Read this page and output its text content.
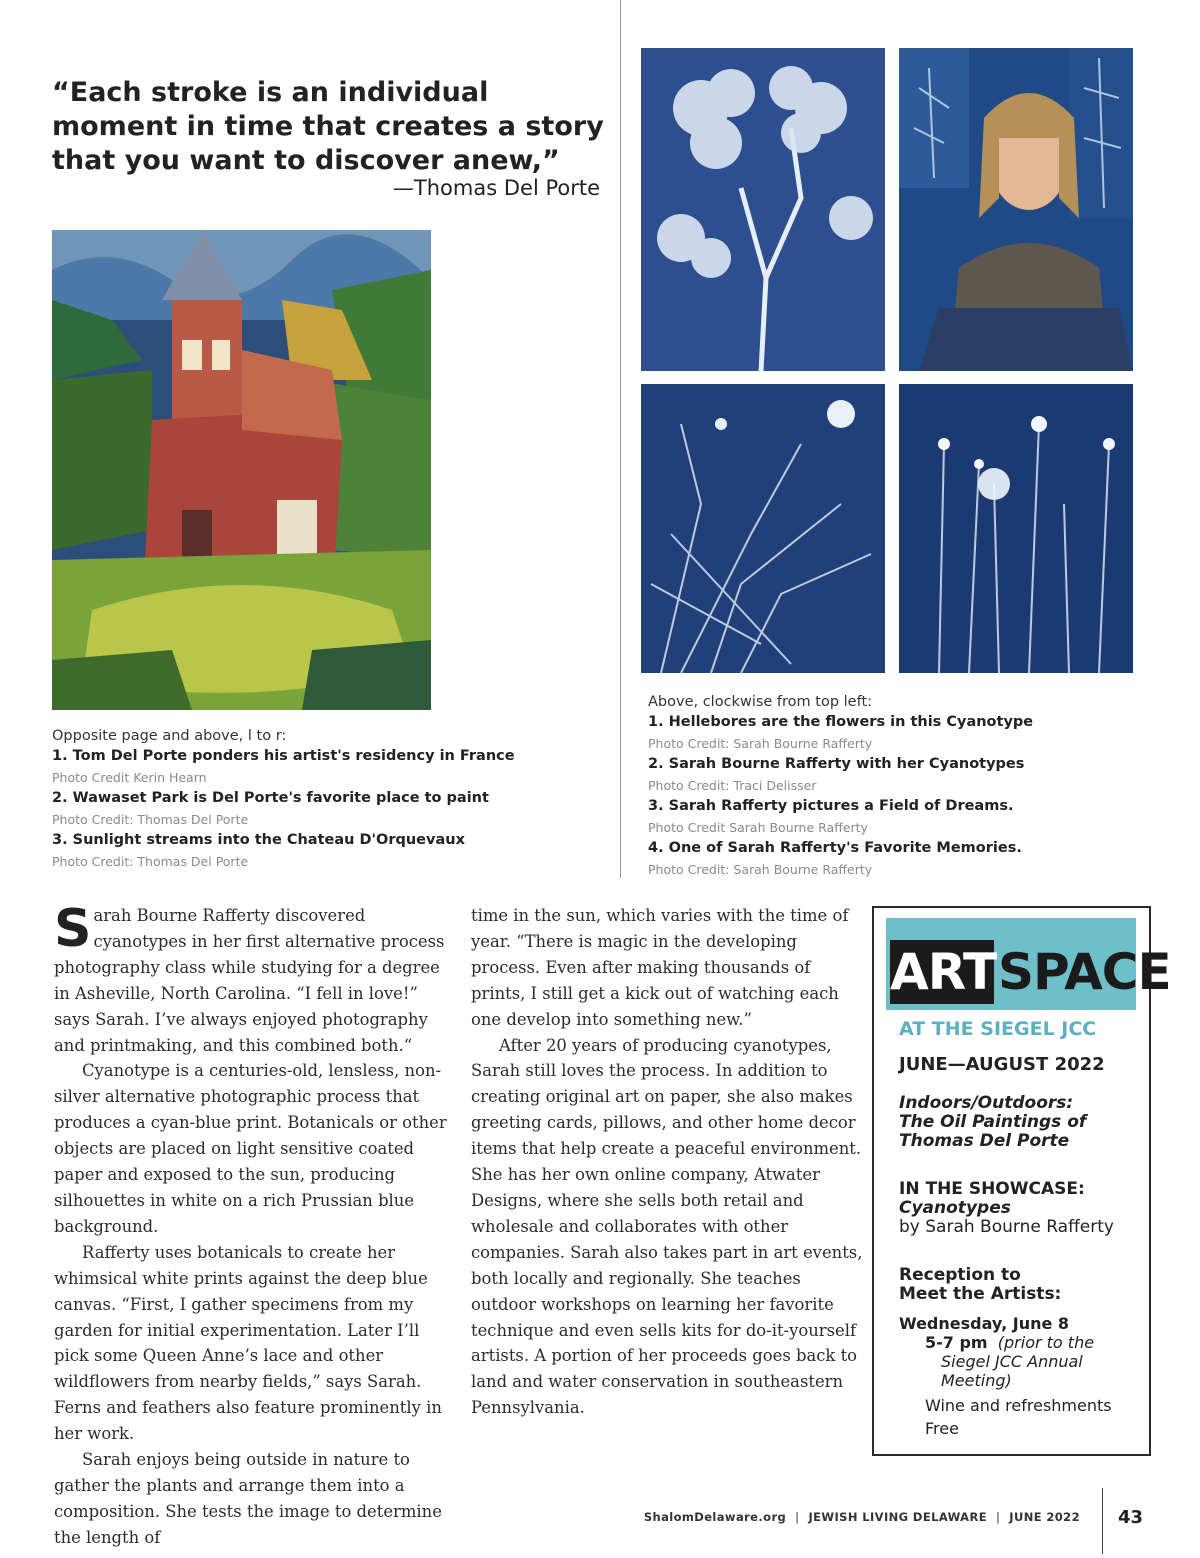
“Each stroke is an individual moment in time that creates a story that you want to discover anew,”
—Thomas Del Porte
Opposite page and above, l to r:
1. Tom Del Porte ponders his artist's residency in France
Photo Credit Kerin Hearn
2. Wawaset Park is Del Porte's favorite place to paint
Photo Credit: Thomas Del Porte
3. Sunlight streams into the Chateau D'Orquevaux
Photo Credit: Thomas Del Porte
Above, clockwise from top left:
1. Hellebores are the flowers in this Cyanotype
Photo Credit: Sarah Bourne Rafferty
2. Sarah Bourne Rafferty with her Cyanotypes
Photo Credit: Traci Delisser
3. Sarah Rafferty pictures a Field of Dreams.
Photo Credit Sarah Bourne Rafferty
4. One of Sarah Rafferty's Favorite Memories.
Photo Credit: Sarah Bourne Rafferty

Sarah Bourne Rafferty discovered cyanotypes in her first alternative process photography class while studying for a degree in Asheville, North Carolina. “I fell in love!” says Sarah. I’ve always enjoyed photography and printmaking, and this combined both.“

Cyanotype is a centuries-old, lensless, non-silver alternative photographic process that produces a cyan-blue print. Botanicals or other objects are placed on light sensitive coated paper and exposed to the sun, producing silhouettes in white on a rich Prussian blue background.

Rafferty uses botanicals to create her whimsical white prints against the deep blue canvas. “First, I gather specimens from my garden for initial experimentation. Later I’ll pick some Queen Anne’s lace and other wildflowers from nearby fields,” says Sarah. Ferns and feathers also feature prominently in her work.

Sarah enjoys being outside in nature to gather the plants and arrange them into a composition. She tests the image to determine the length of

time in the sun, which varies with the time of year. “There is magic in the developing process. Even after making thousands of prints, I still get a kick out of watching each one develop into something new.”

After 20 years of producing cyanotypes, Sarah still loves the process. In addition to creating original art on paper, she also makes greeting cards, pillows, and other home decor items that help create a peaceful environment. She has her own online company, Atwater Designs, where she sells both retail and wholesale and collaborates with other companies. Sarah also takes part in art events, both locally and regionally. She teaches outdoor workshops on learning her favorite technique and even sells kits for do-it-yourself artists. A portion of her proceeds goes back to land and water conservation in southeastern Pennsylvania.

ART SPACE
AT THE SIEGEL JCC
JUNE—AUGUST 2022
Indoors/Outdoors:
The Oil Paintings of
Thomas Del Porte
IN THE SHOWCASE:
Cyanotypes
by Sarah Bourne Rafferty
Reception to
Meet the Artists:
Wednesday, June 8
5-7 pm (prior to the
Siegel JCC Annual
Meeting)
Wine and refreshments
Free
ShalomDelaware.org | JEWISH LIVING DELAWARE | JUNE 2022 43
